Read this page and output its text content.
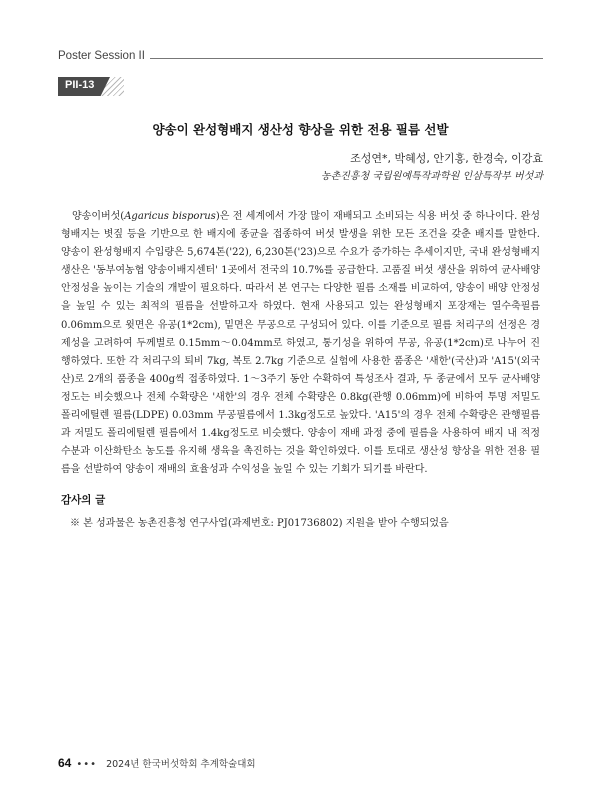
Poster Session II
PII-13
양송이 완성형배지 생산성 향상을 위한 전용 필름 선발
조성연*, 박혜성, 안기홍, 한경숙, 이강효
농촌진흥청 국립원예특작과학원 인삼특작부 버섯과

양송이버섯(Agaricus bisporus)은 전 세계에서 가장 많이 재배되고 소비되는 식용 버섯 중 하나이다. 완성형배지는 볏짚 등을 기반으로 한 배지에 종균을 접종하여 버섯 발생을 위한 모든 조건을 갖춘 배지를 말한다. 양송이 완성형배지 수입량은 5,674톤('22), 6,230톤('23)으로 수요가 증가하는 추세이지만, 국내 완성형배지 생산은 '동부여농협 양송이배지센터' 1곳에서 전국의 10.7%를 공급한다. 고품질 버섯 생산을 위하여 균사배양 안정성을 높이는 기술의 개발이 필요하다. 따라서 본 연구는 다양한 필름 소재를 비교하여, 양송이 배양 안정성을 높일 수 있는 최적의 필름을 선발하고자 하였다. 현재 사용되고 있는 완성형배지 포장재는 열수축필름 0.06mm으로 윗면은 유공(1*2cm), 밑면은 무공으로 구성되어 있다. 이를 기준으로 필름 처리구의 선정은 경제성을 고려하여 두께별로 0.15mm～0.04mm로 하였고, 통기성을 위하여 무공, 유공(1*2cm)로 나누어 진행하였다. 또한 각 처리구의 퇴비 7kg, 복토 2.7kg 기준으로 실험에 사용한 품종은 '새한'(국산)과 'A15'(외국산)로 2개의 품종을 400g씩 접종하였다. 1～3주기 동안 수확하여 특성조사 결과, 두 종균에서 모두 균사배양 정도는 비슷했으나 전체 수확량은 '새한'의 경우 전체 수확량은 0.8kg(관행 0.06mm)에 비하여 투명 저밀도 폴리에틸렌 필름(LDPE) 0.03mm 무공필름에서 1.3kg정도로 높았다. 'A15'의 경우 전체 수확량은 관행필름과 저밀도 폴리에틸렌 필름에서 1.4kg정도로 비슷했다. 양송이 재배 과정 중에 필름을 사용하여 배지 내 적정 수분과 이산화탄소 농도를 유지해 생육을 촉진하는 것을 확인하였다. 이를 토대로 생산성 향상을 위한 전용 필름을 선발하여 양송이 재배의 효율성과 수익성을 높일 수 있는 기회가 되기를 바란다.

감사의 글
※ 본 성과물은 농촌진흥청 연구사업(과제번호: PJ01736802) 지원을 받아 수행되었음
64 ••• 2024년 한국버섯학회 추계학술대회
